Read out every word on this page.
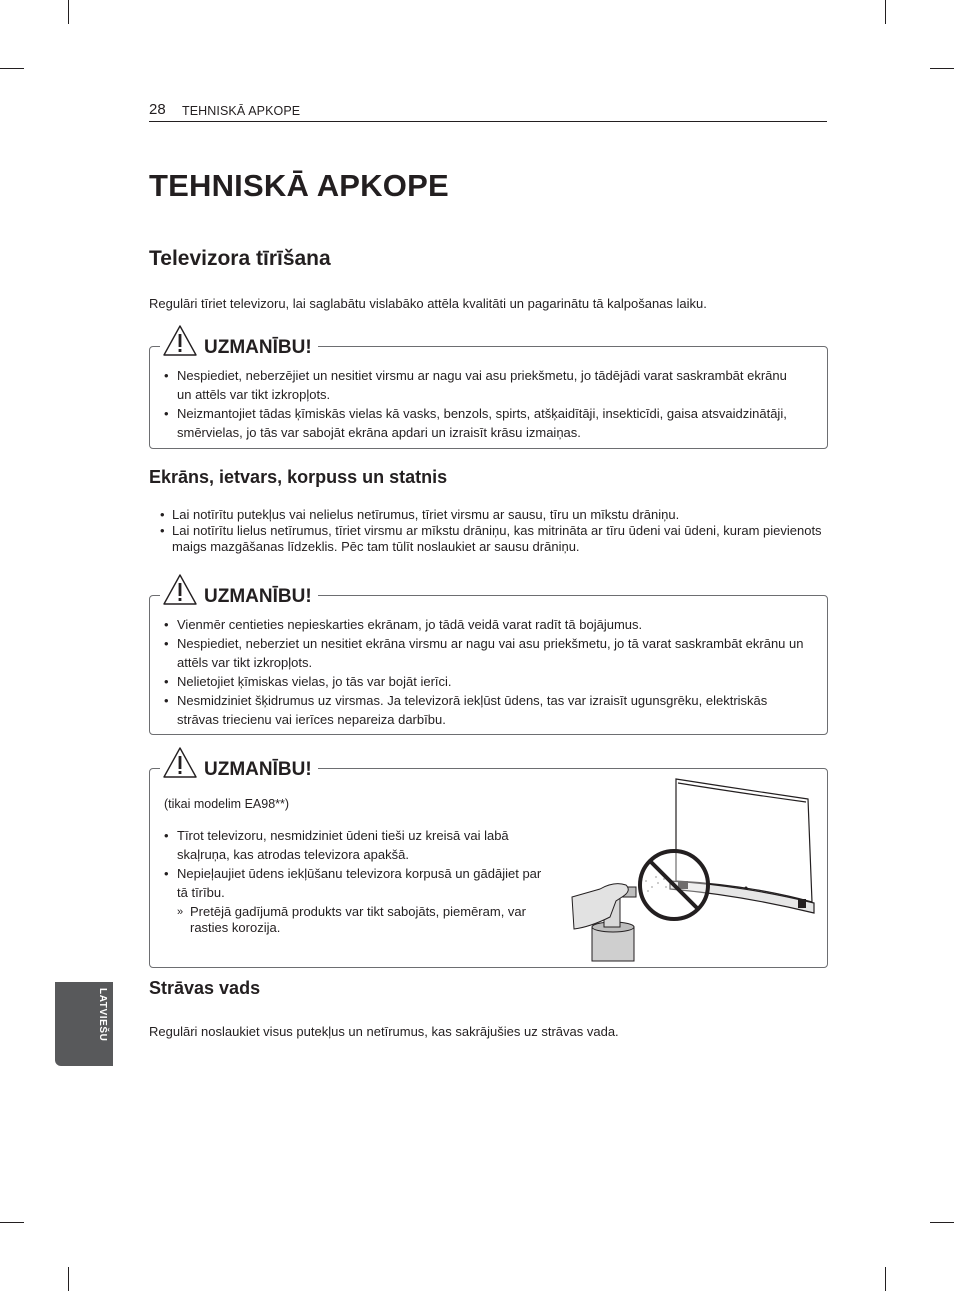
28 TEHNISKĀ APKOPE
TEHNISKĀ APKOPE
Televizora tīrīšana
Regulāri tīriet televizoru, lai saglabātu vislabāko attēla kvalitāti un pagarinātu tā kalpošanas laiku.
UZMANĪBU!
• Nespiediet, neberzējiet un nesitiet virsmu ar nagu vai asu priekšmetu, jo tādējādi varat saskrambāt ekrānu un attēls var tikt izkropļots.
• Neizmantojiet tādas ķīmiskās vielas kā vasks, benzols, spirts, atšķaidītāji, insekticīdi, gaisa atsvaidzinātāji, smērvielas, jo tās var sabojāt ekrāna apdari un izraisīt krāsu izmaiņas.
Ekrāns, ietvars, korpuss un statnis
• Lai notīrītu putekļus vai nelielus netīrumus, tīriet virsmu ar sausu, tīru un mīkstu drāniņu.
• Lai notīrītu lielus netīrumus, tīriet virsmu ar mīkstu drāniņu, kas mitrināta ar tīru ūdeni vai ūdeni, kuram pievienots maigs mazgāšanas līdzeklis. Pēc tam tūlīt noslaukiet ar sausu drāniņu.
UZMANĪBU!
• Vienmēr centieties nepieskarties ekrānam, jo tādā veidā varat radīt tā bojājumus.
• Nespiediet, neberziet un nesitiet ekrāna virsmu ar nagu vai asu priekšmetu, jo tā varat saskrambāt ekrānu un attēls var tikt izkropļots.
• Nelietojiet ķīmiskas vielas, jo tās var bojāt ierīci.
• Nesmidziniet šķidrumus uz virsmas. Ja televizorā iekļūst ūdens, tas var izraisīt ugunsgrēku, elektriskās strāvas triecienu vai ierīces nepareiza darbību.
UZMANĪBU!
(tikai modelim EA98**)
• Tīrot televizoru, nesmidziniet ūdeni tieši uz kreisā vai labā skaļruņa, kas atrodas televizora apakšā.
• Nepieļaujiet ūdens iekļūšanu televizora korpusā un gādājiet par tā tīrību.
» Pretējā gadījumā produkts var tikt sabojāts, piemēram, var rasties korozija.
Strāvas vads
Regulāri noslaukiet visus putekļus un netīrumus, kas sakrājušies uz strāvas vada.
LATVIEŠU
